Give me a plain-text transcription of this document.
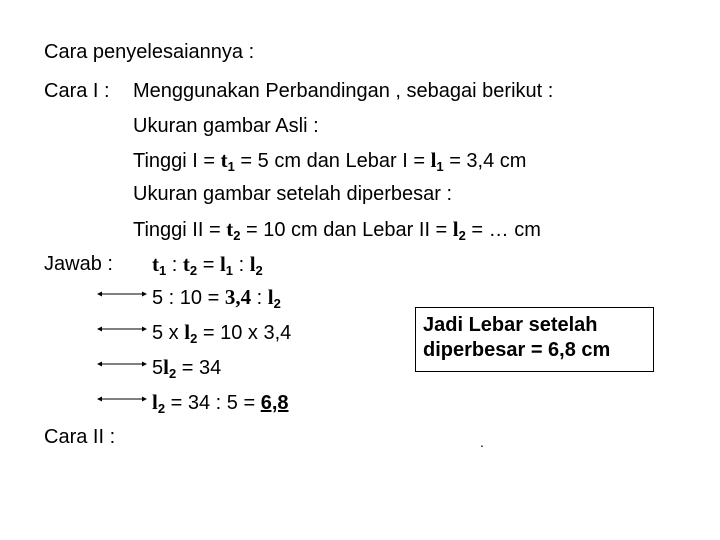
Cara penyelesaiannya :
Cara I : Menggunakan Perbandingan , sebagai berikut :
Ukuran gambar Asli :
Tinggi $I = t_1 = 5$ cm dan Lebar $I = l_1 = 3,4$ cm
Ukuran gambar setelah diperbesar :
Tinggi II = $t_2 = 10$ cm dan Lebar II = $l_2$ = … cm
Jawab : $t_1$ : $t_2 = l_1$ : $l_2$
5 : 10 = 3,4 : $l_2$
5 x $l_2 = 10$ x 3,4
$5l_2 = 34$
$l_2 = 34$ : 5 = 6,8
Jadi Lebar setelah
diperbesar = 6,8 cm
Cara II :	.
